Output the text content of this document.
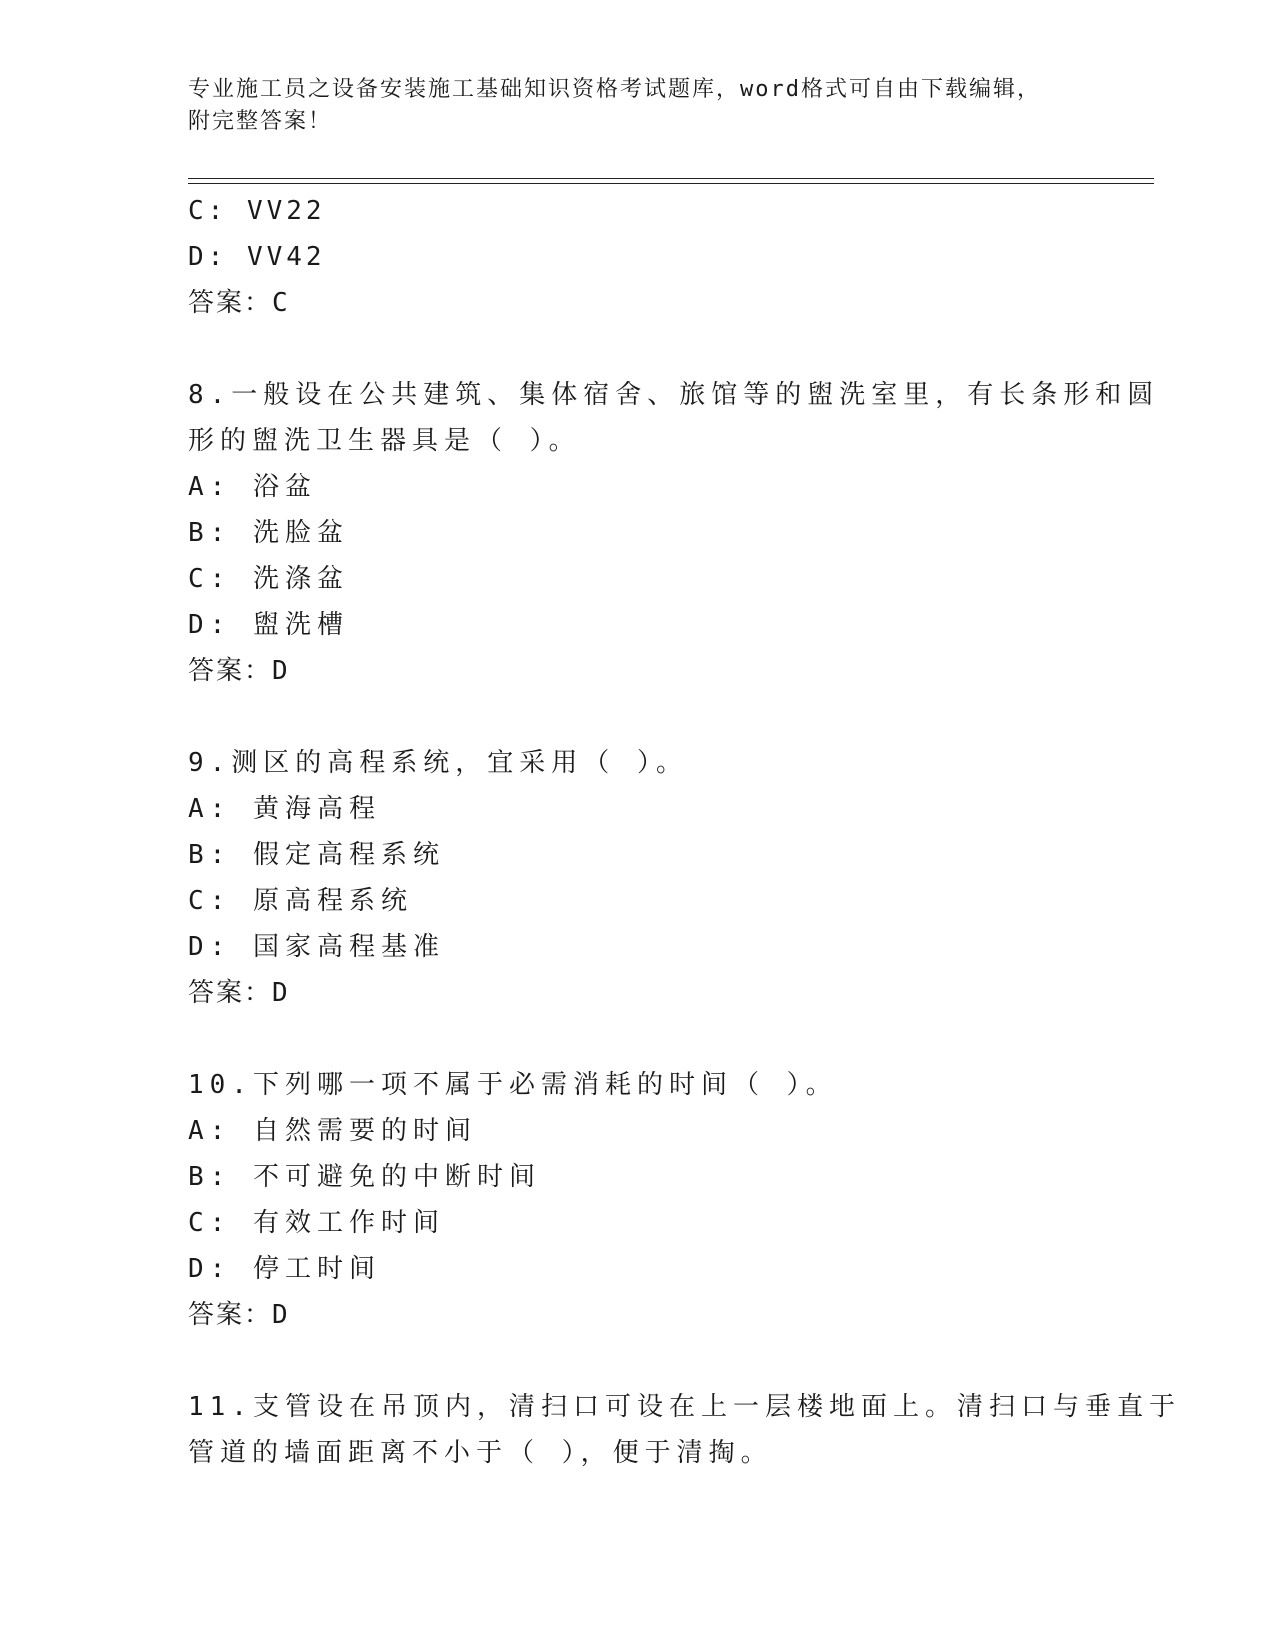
专业施工员之设备安装施工基础知识资格考试题库，word格式可自由下载编辑，
附完整答案！
C: VV22
D: VV42
答案：C
8.一般设在公共建筑、集体宿舍、旅馆等的盥洗室里，有长条形和圆
形的盥洗卫生器具是（ ）。
A: 浴盆
B: 洗脸盆
C: 洗涤盆
D: 盥洗槽
答案：D
9.测区的高程系统，宜采用（ ）。
A: 黄海高程
B: 假定高程系统
C: 原高程系统
D: 国家高程基准
答案：D
10.下列哪一项不属于必需消耗的时间（ ）。
A: 自然需要的时间
B: 不可避免的中断时间
C: 有效工作时间
D: 停工时间
答案：D
11.支管设在吊顶内，清扫口可设在上一层楼地面上。清扫口与垂直于
管道的墙面距离不小于（ ），便于清掏。
